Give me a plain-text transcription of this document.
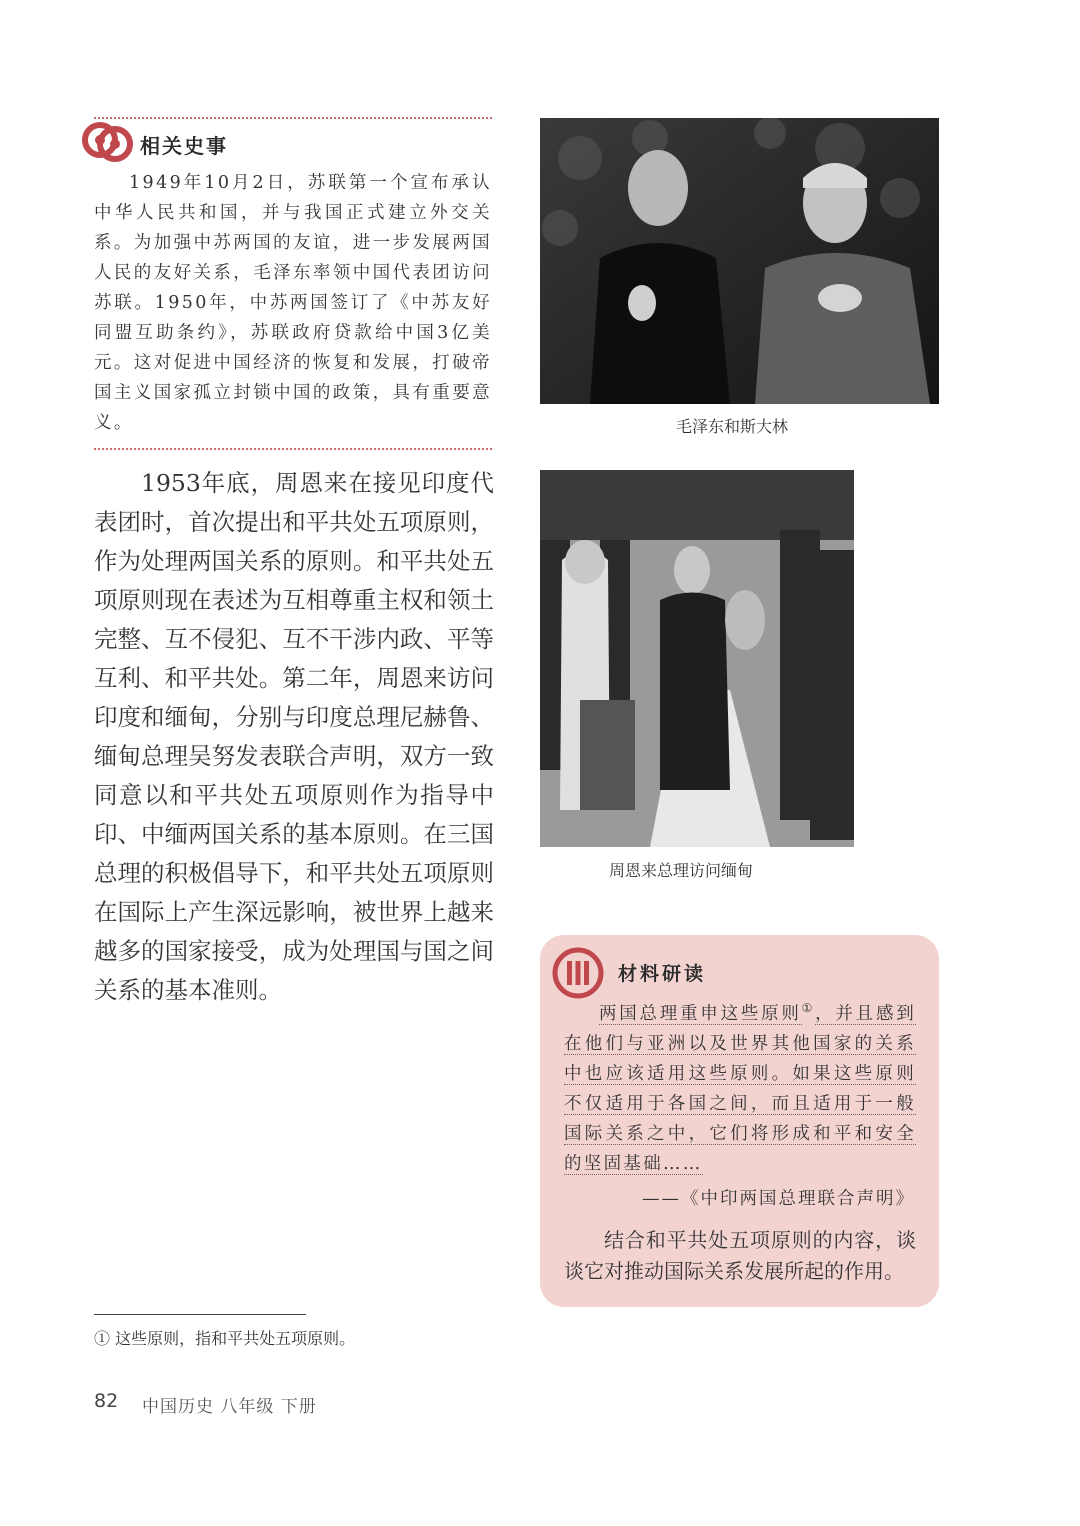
相关史事
1949年10月2日，苏联第一个宣布承认中华人民共和国，并与我国正式建立外交关系。为加强中苏两国的友谊，进一步发展两国人民的友好关系，毛泽东率领中国代表团访问苏联。1950年，中苏两国签订了《中苏友好同盟互助条约》，苏联政府贷款给中国3亿美元。这对促进中国经济的恢复和发展，打破帝国主义国家孤立封锁中国的政策，具有重要意义。
1953年底，周恩来在接见印度代表团时，首次提出和平共处五项原则，作为处理两国关系的原则。和平共处五项原则现在表述为互相尊重主权和领土完整、互不侵犯、互不干涉内政、平等互利、和平共处。第二年，周恩来访问印度和缅甸，分别与印度总理尼赫鲁、缅甸总理吴努发表联合声明，双方一致同意以和平共处五项原则作为指导中印、中缅两国关系的基本原则。在三国总理的积极倡导下，和平共处五项原则在国际上产生深远影响，被世界上越来越多的国家接受，成为处理国与国之间关系的基本准则。
毛泽东和斯大林
周恩来总理访问缅甸
材料研读
两国总理重申这些原则①，并且感到在他们与亚洲以及世界其他国家的关系中也应该适用这些原则。如果这些原则不仅适用于各国之间，而且适用于一般国际关系之中，它们将形成和平和安全的坚固基础……
——《中印两国总理联合声明》
结合和平共处五项原则的内容，谈谈它对推动国际关系发展所起的作用。
① 这些原则，指和平共处五项原则。
82 中国历史 八年级 下册
